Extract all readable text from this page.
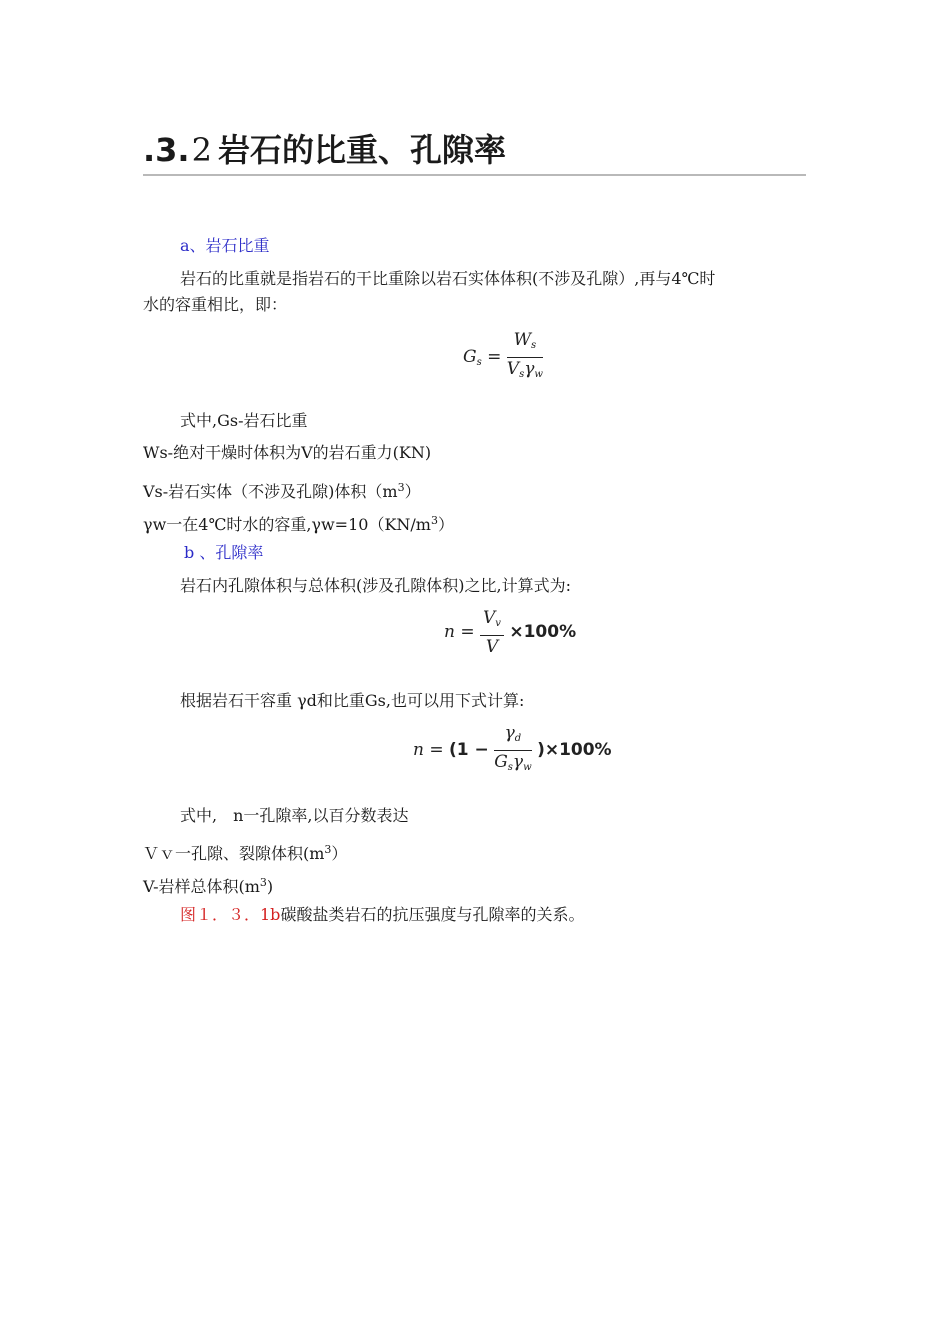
.3.2 岩石的比重、孔隙率
a、岩石比重
岩石的比重就是指岩石的干比重除以岩石实体体积(不涉及孔隙）,再与4℃时
水的容重相比，即：
$G_s = \frac{W_s}{V_s\gamma_w}$
式中,Gs-岩石比重
Ws-绝对干燥时体积为V的岩石重力(KN)
Vs-岩石实体（不涉及孔隙)体积$(m^3)$
γw一在4℃时水的容重$,\gamma w=10(KN/m^3)$
b 、孔隙率
岩石内孔隙体积与总体积(涉及孔隙体积)之比,计算式为:
$n = \frac{V_v}{V} \times 100\%$
根据岩石干容重 γd和比重Gs,也可以用下式计算:
$n = (1 - \frac{\gamma_d}{G_s\gamma_w} )\times 100\%$
式中,　n一孔隙率,以百分数表达
Ｖｖ一孔隙、裂隙体积$(m^3)$
V-岩样总体积$(m^3)$
图１．３．1b碳酸盐类岩石的抗压强度与孔隙率的关系。
